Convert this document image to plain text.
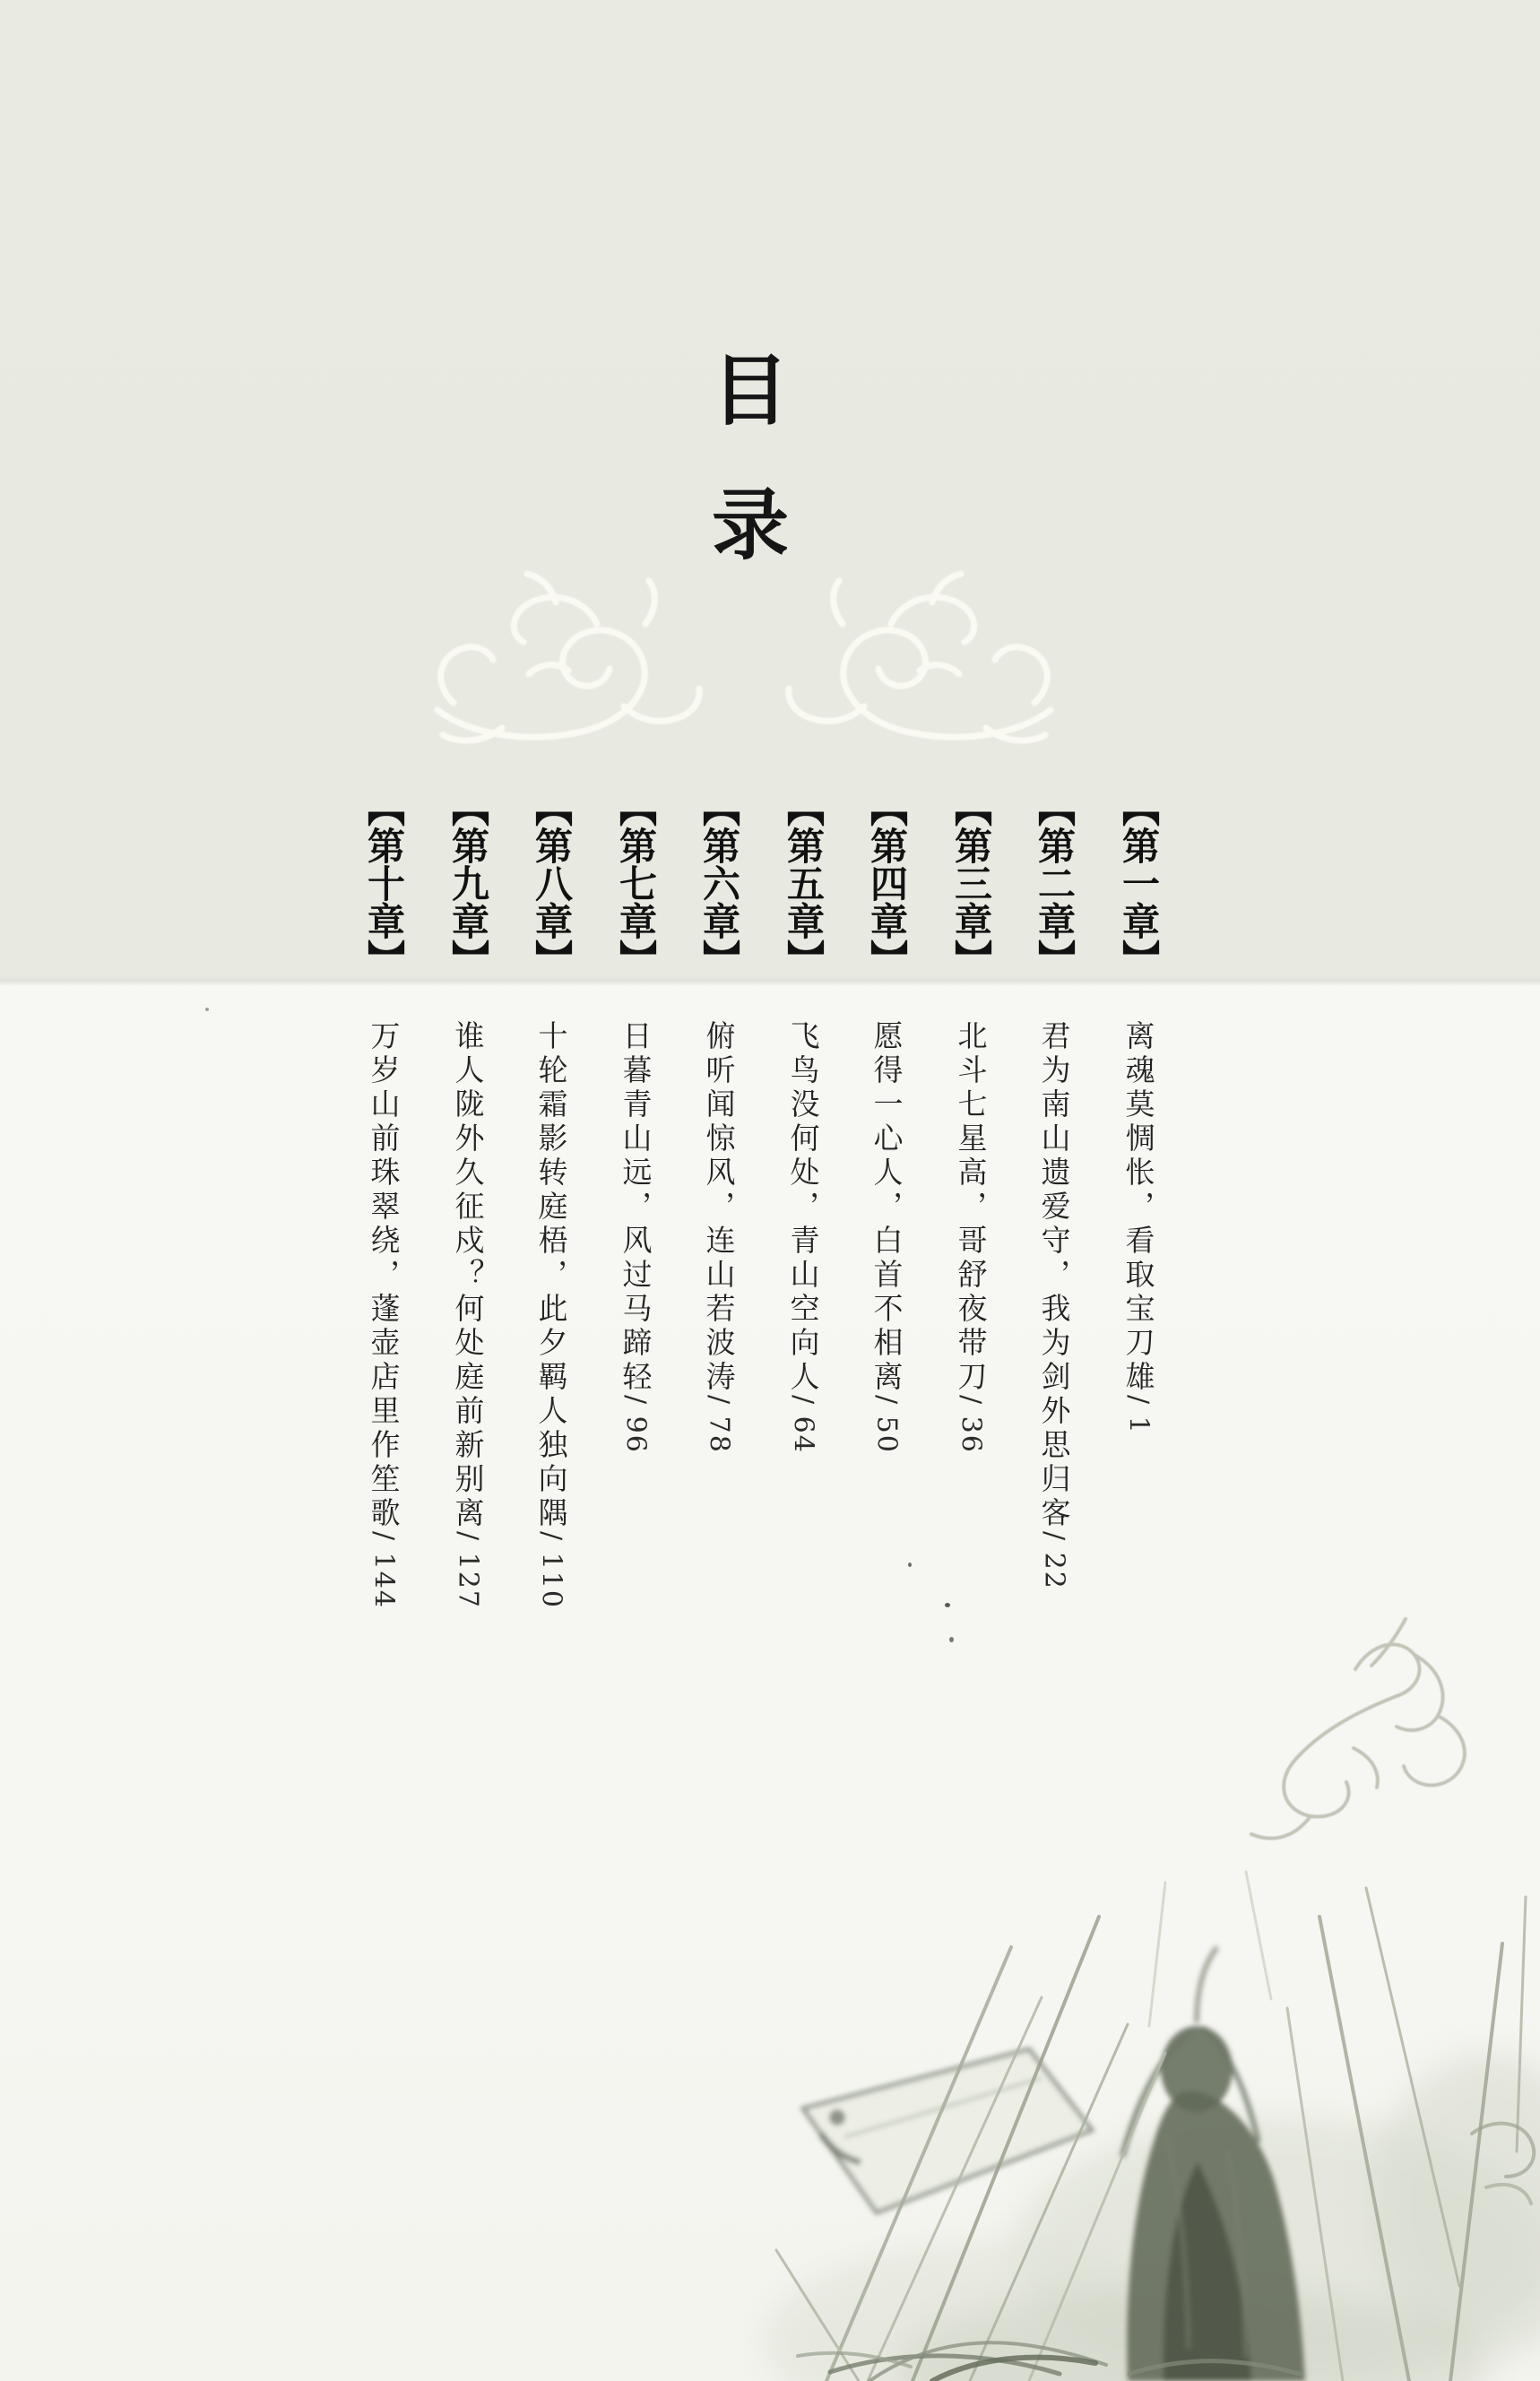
目录
【第一章】
离魂莫惆怅，看取宝刀雄/ 1
【第二章】
君为南山遗爱守，我为剑外思归客/ 22
【第三章】
北斗七星高，哥舒夜带刀/ 36
【第四章】
愿得一心人，白首不相离/ 50
【第五章】
飞鸟没何处，青山空向人/ 64
【第六章】
俯听闻惊风，连山若波涛/ 78
【第七章】
日暮青山远，风过马蹄轻/ 96
【第八章】
十轮霜影转庭梧，此夕羁人独向隅/ 110
【第九章】
谁人陇外久征戍？何处庭前新别离/ 127
【第十章】
万岁山前珠翠绕，蓬壶店里作笙歌/ 144
